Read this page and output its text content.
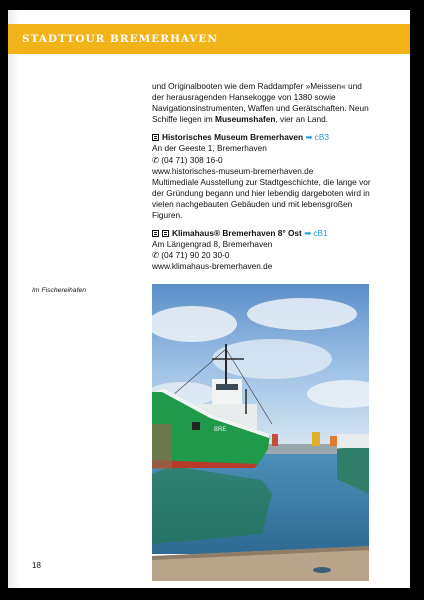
STADTTOUR BREMERHAVEN

und Originalbooten wie dem Raddampfer »Meissen« und der herausragenden Hansekogge von 1380 sowie Navigationsinstrumenten, Waffen und Gerätschaften. Neun Schiffe liegen im Museumshafen, vier an Land.

Historisches Museum Bremerhaven ➡ cB3
An der Geeste 1, Bremerhaven
✆ (04 71) 308 16-0
www.historisches-museum-bremerhaven.de
Multimediale Ausstellung zur Stadtgeschichte, die lange vor der Gründung begann und hier lebendig dargeboten wird in vielen nachgebauten Gebäuden und mit lebensgroßen Figuren.
Klimahaus® Bremerhaven 8° Ost ➡ cB1
Am Längengrad 8, Bremerhaven
✆ (04 71) 90 20 30-0
www.klimahaus-bremerhaven.de
Im Fischereihafen
BRE
18
